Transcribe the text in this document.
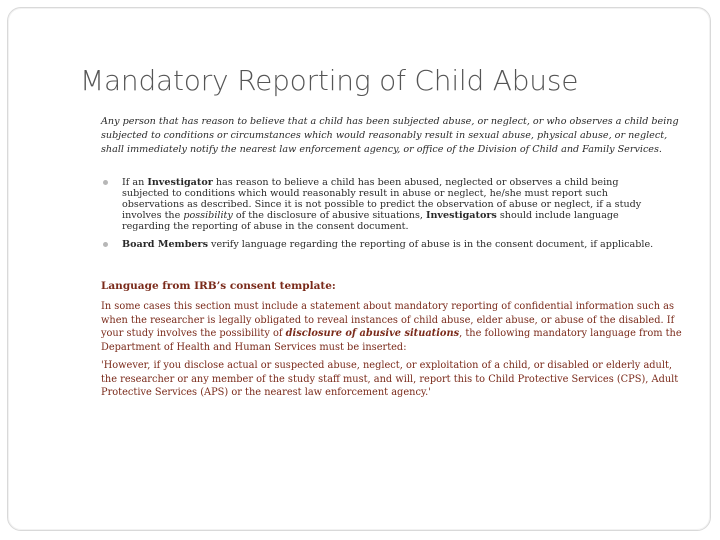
Mandatory Reporting of Child Abuse
Any person that has reason to believe that a child has been subjected abuse, or neglect, or who observes a child being subjected to conditions or circumstances which would reasonably result in sexual abuse, physical abuse, or neglect, shall immediately notify the nearest law enforcement agency, or office of the Division of Child and Family Services.
If an Investigator has reason to believe a child has been abused, neglected or observes a child being subjected to conditions which would reasonably result in abuse or neglect, he/she must report such observations as described. Since it is not possible to predict the observation of abuse or neglect, if a study involves the possibility of the disclosure of abusive situations, Investigators should include language regarding the reporting of abuse in the consent document.
Board Members verify language regarding the reporting of abuse is in the consent document, if applicable.
Language from IRB’s consent template:
In some cases this section must include a statement about mandatory reporting of confidential information such as when the researcher is legally obligated to reveal instances of child abuse, elder abuse, or abuse of the disabled. If your study involves the possibility of disclosure of abusive situations, the following mandatory language from the Department of Health and Human Services must be inserted:
'However, if you disclose actual or suspected abuse, neglect, or exploitation of a child, or disabled or elderly adult, the researcher or any member of the study staff must, and will, report this to Child Protective Services (CPS), Adult Protective Services (APS) or the nearest law enforcement agency.'
